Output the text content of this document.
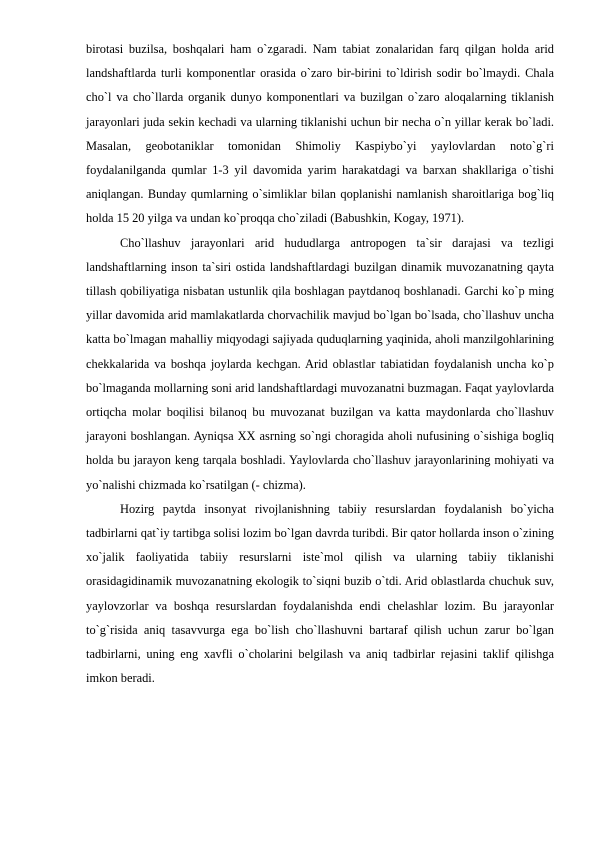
birotasi buzilsa, boshqalari ham o`zgaradi. Nam tabiat zonalaridan farq qilgan holda arid landshaftlarda turli komponentlar orasida o`zaro bir-birini to`ldirish sodir bo`lmaydi. Chala cho`l va cho`llarda organik dunyo komponentlari va buzilgan o`zaro aloqalarning tiklanish jarayonlari juda sekin kechadi va ularning tiklanishi uchun bir necha o`n yillar kerak bo`ladi. Masalan, geobotaniklar tomonidan Shimoliy Kaspiybo`yi yaylovlardan noto`g`ri foydalanilganda qumlar 1-3 yil davomida yarim harakatdagi va barxan shakllariga o`tishi aniqlangan. Bunday qumlarning o`simliklar bilan qoplanishi namlanish sharoitlariga bog`liq holda 15 20 yilga va undan ko`proqqa cho`ziladi (Babushkin, Kogay, 1971).

Cho`llashuv jarayonlari arid hududlarga antropogen ta`sir darajasi va tezligi landshaftlarning inson ta`siri ostida landshaftlardagi buzilgan dinamik muvozanatning qayta tillash qobiliyatiga nisbatan ustunlik qila boshlagan paytdanoq boshlanadi. Garchi ko`p ming yillar davomida arid mamlakatlarda chorvachilik mavjud bo`lgan bo`lsada, cho`llashuv uncha katta bo`lmagan mahalliy miqyodagi sajiyada quduqlarning yaqinida, aholi manzilgohlarining chekkalarida va boshqa joylarda kechgan. Arid oblastlar tabiatidan foydalanish uncha ko`p bo`lmaganda mollarning soni arid landshaftlardagi muvozanatni buzmagan. Faqat yaylovlarda ortiqcha molar boqilisi bilanoq bu muvozanat buzilgan va katta maydonlarda cho`llashuv jarayoni boshlangan. Ayniqsa XX asrning so`ngi choragida aholi nufusining o`sishiga bogliq holda bu jarayon keng tarqala boshladi. Yaylovlarda cho`llashuv jarayonlarining mohiyati va yo`nalishi chizmada ko`rsatilgan (- chizma).

Hozirg paytda insonyat rivojlanishning tabiiy resurslardan foydalanish bo`yicha tadbirlarni qat`iy tartibga solisi lozim bo`lgan davrda turibdi. Bir qator hollarda inson o`zining xo`jalik faoliyatida tabiiy resurslarni iste`mol qilish va ularning tabiiy tiklanishi orasidagidinamik muvozanatning ekologik to`siqni buzib o`tdi. Arid oblastlarda chuchuk suv, yaylovzorlar va boshqa resurslardan foydalanishda endi chelashlar lozim. Bu jarayonlar to`g`risida aniq tasavvurga ega bo`lish cho`llashuvni bartaraf qilish uchun zarur bo`lgan tadbirlarni, uning eng xavfli o`cholarini belgilash va aniq tadbirlar rejasini taklif qilishga imkon beradi.
